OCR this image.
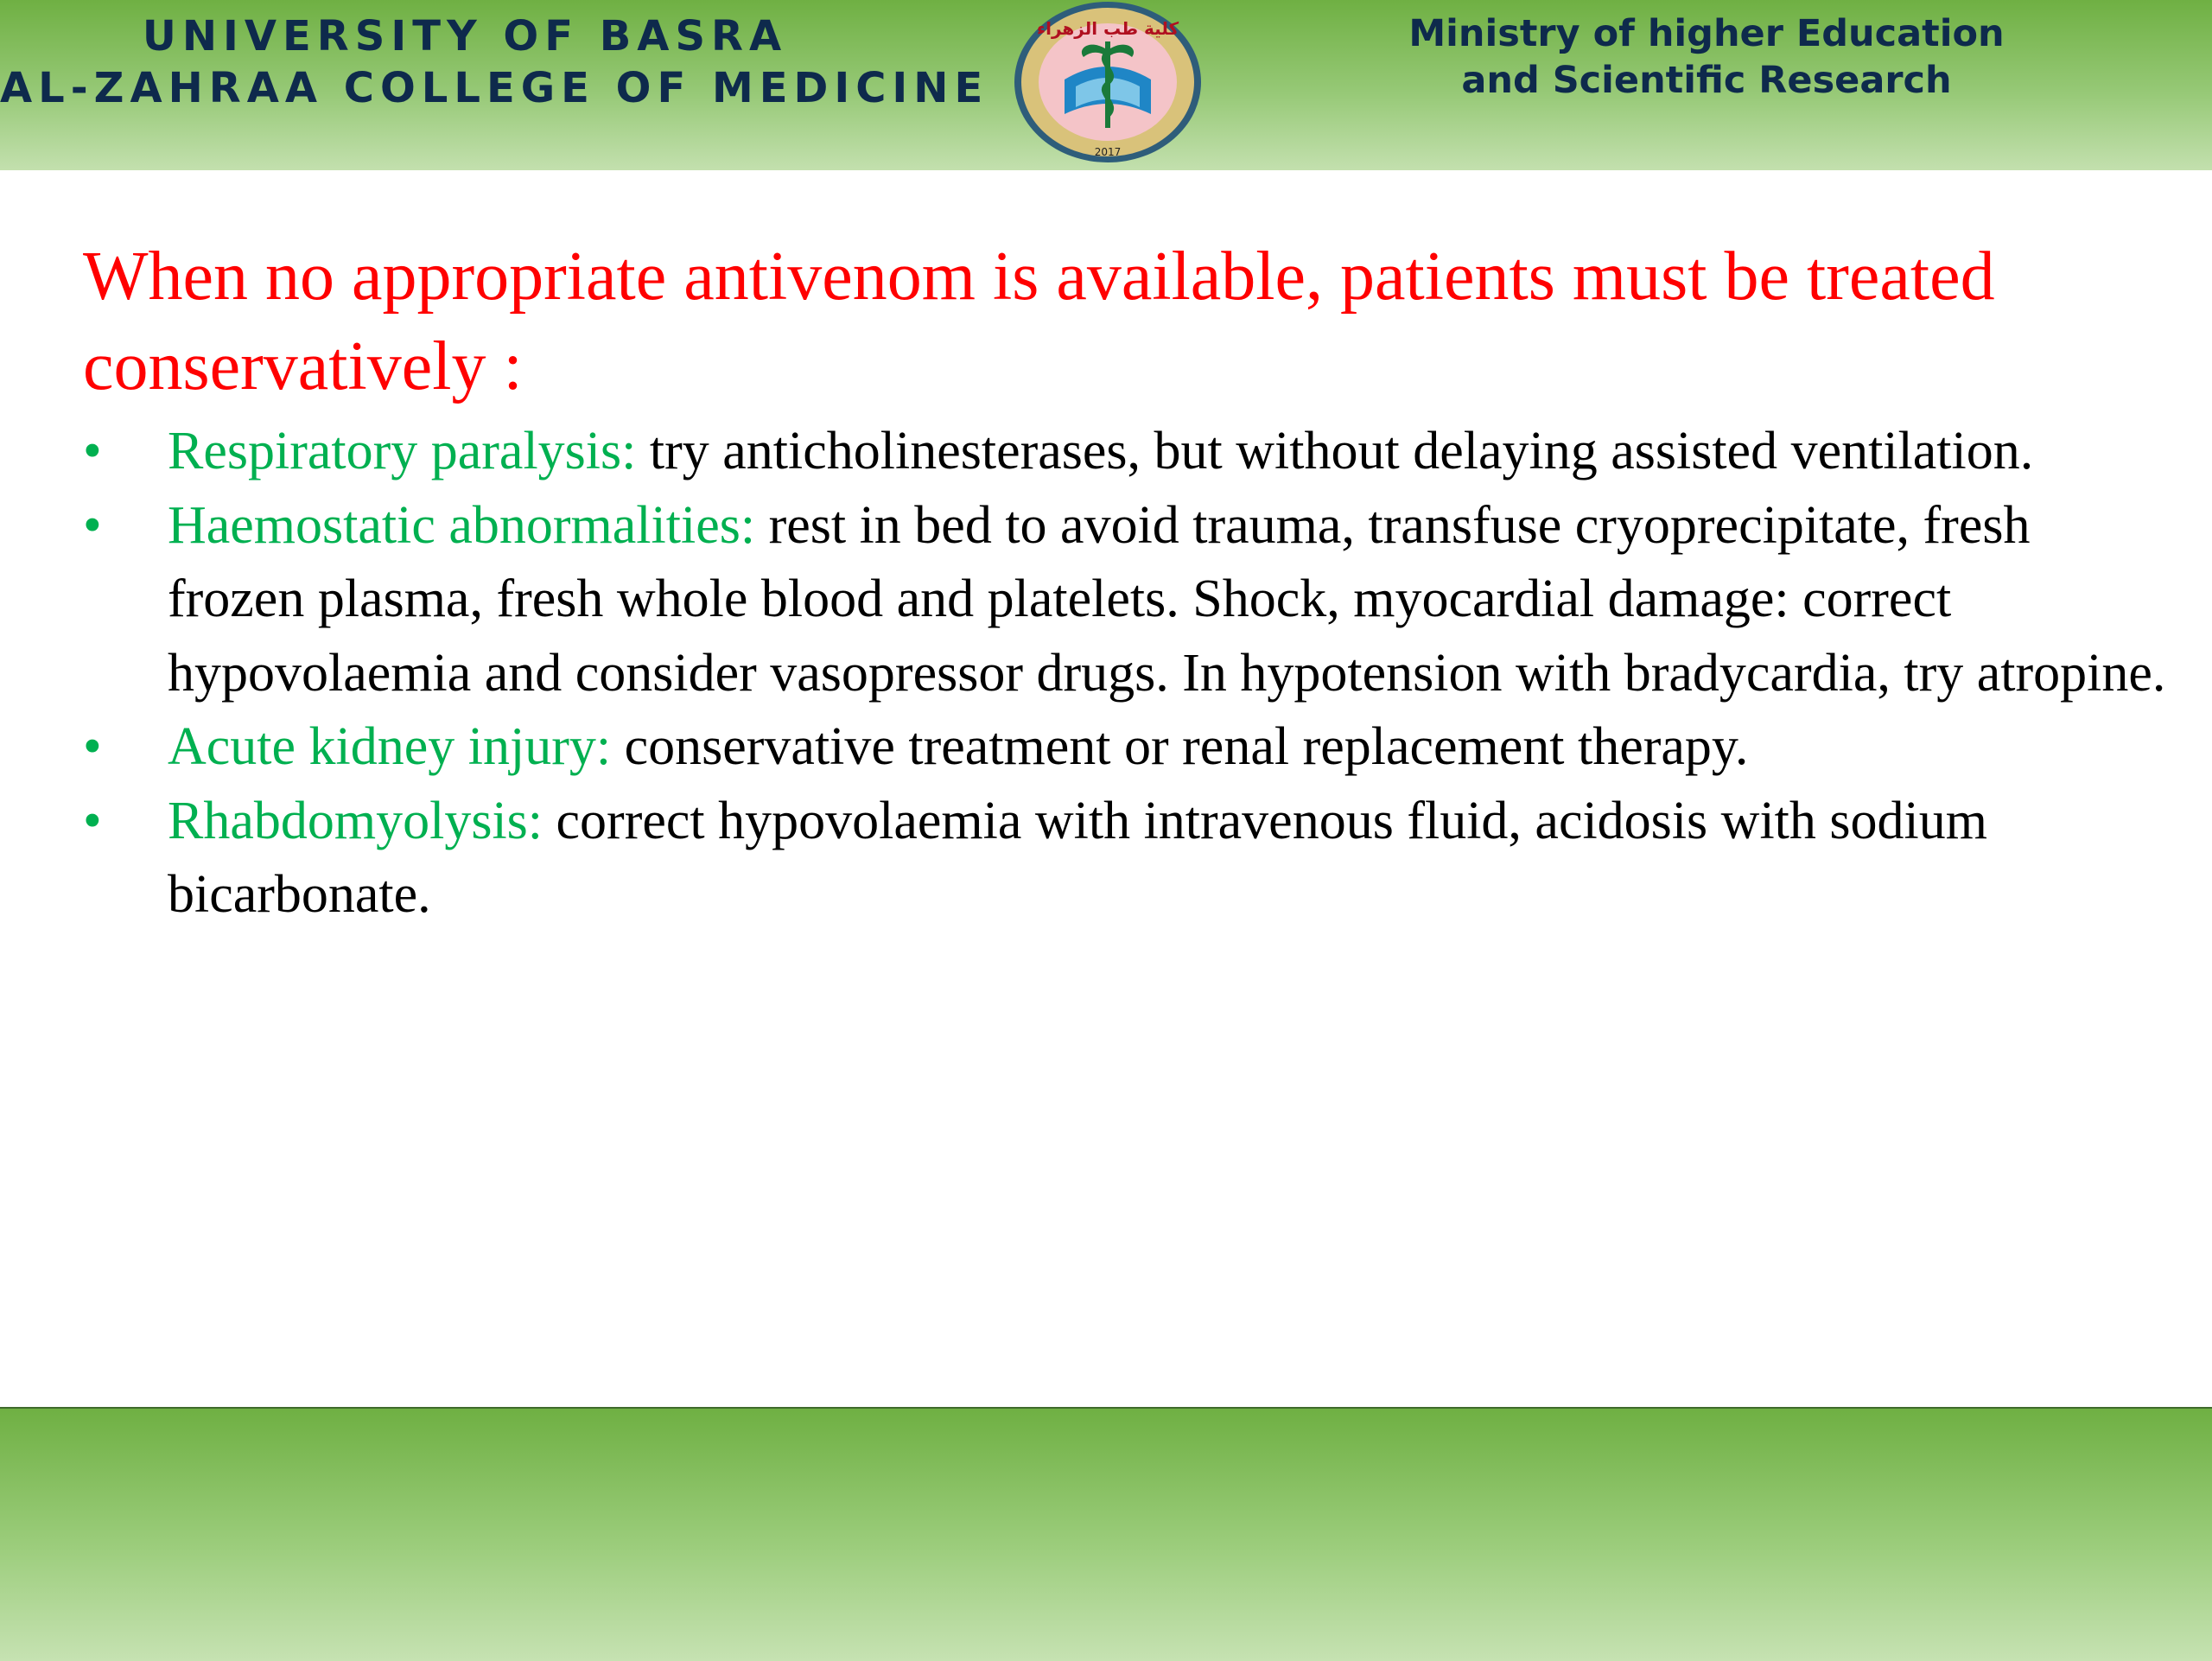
UNIVERSITY OF BASRA
AL-ZAHRAA COLLEGE OF MEDICINE
كلية طب الزهراء
2017
Ministry of higher Education
and Scientific Research
When no appropriate antivenom is available, patients must be treated conservatively :
• Respiratory paralysis: try anticholinesterases, but without delaying assisted ventilation.
• Haemostatic abnormalities: rest in bed to avoid trauma, transfuse cryoprecipitate, fresh frozen plasma, fresh whole blood and platelets. Shock, myocardial damage: correct hypovolaemia and consider vasopressor drugs. In hypotension with bradycardia, try atropine.
• Acute kidney injury: conservative treatment or renal replacement therapy.
• Rhabdomyolysis: correct hypovolaemia with intravenous fluid, acidosis with sodium bicarbonate.
